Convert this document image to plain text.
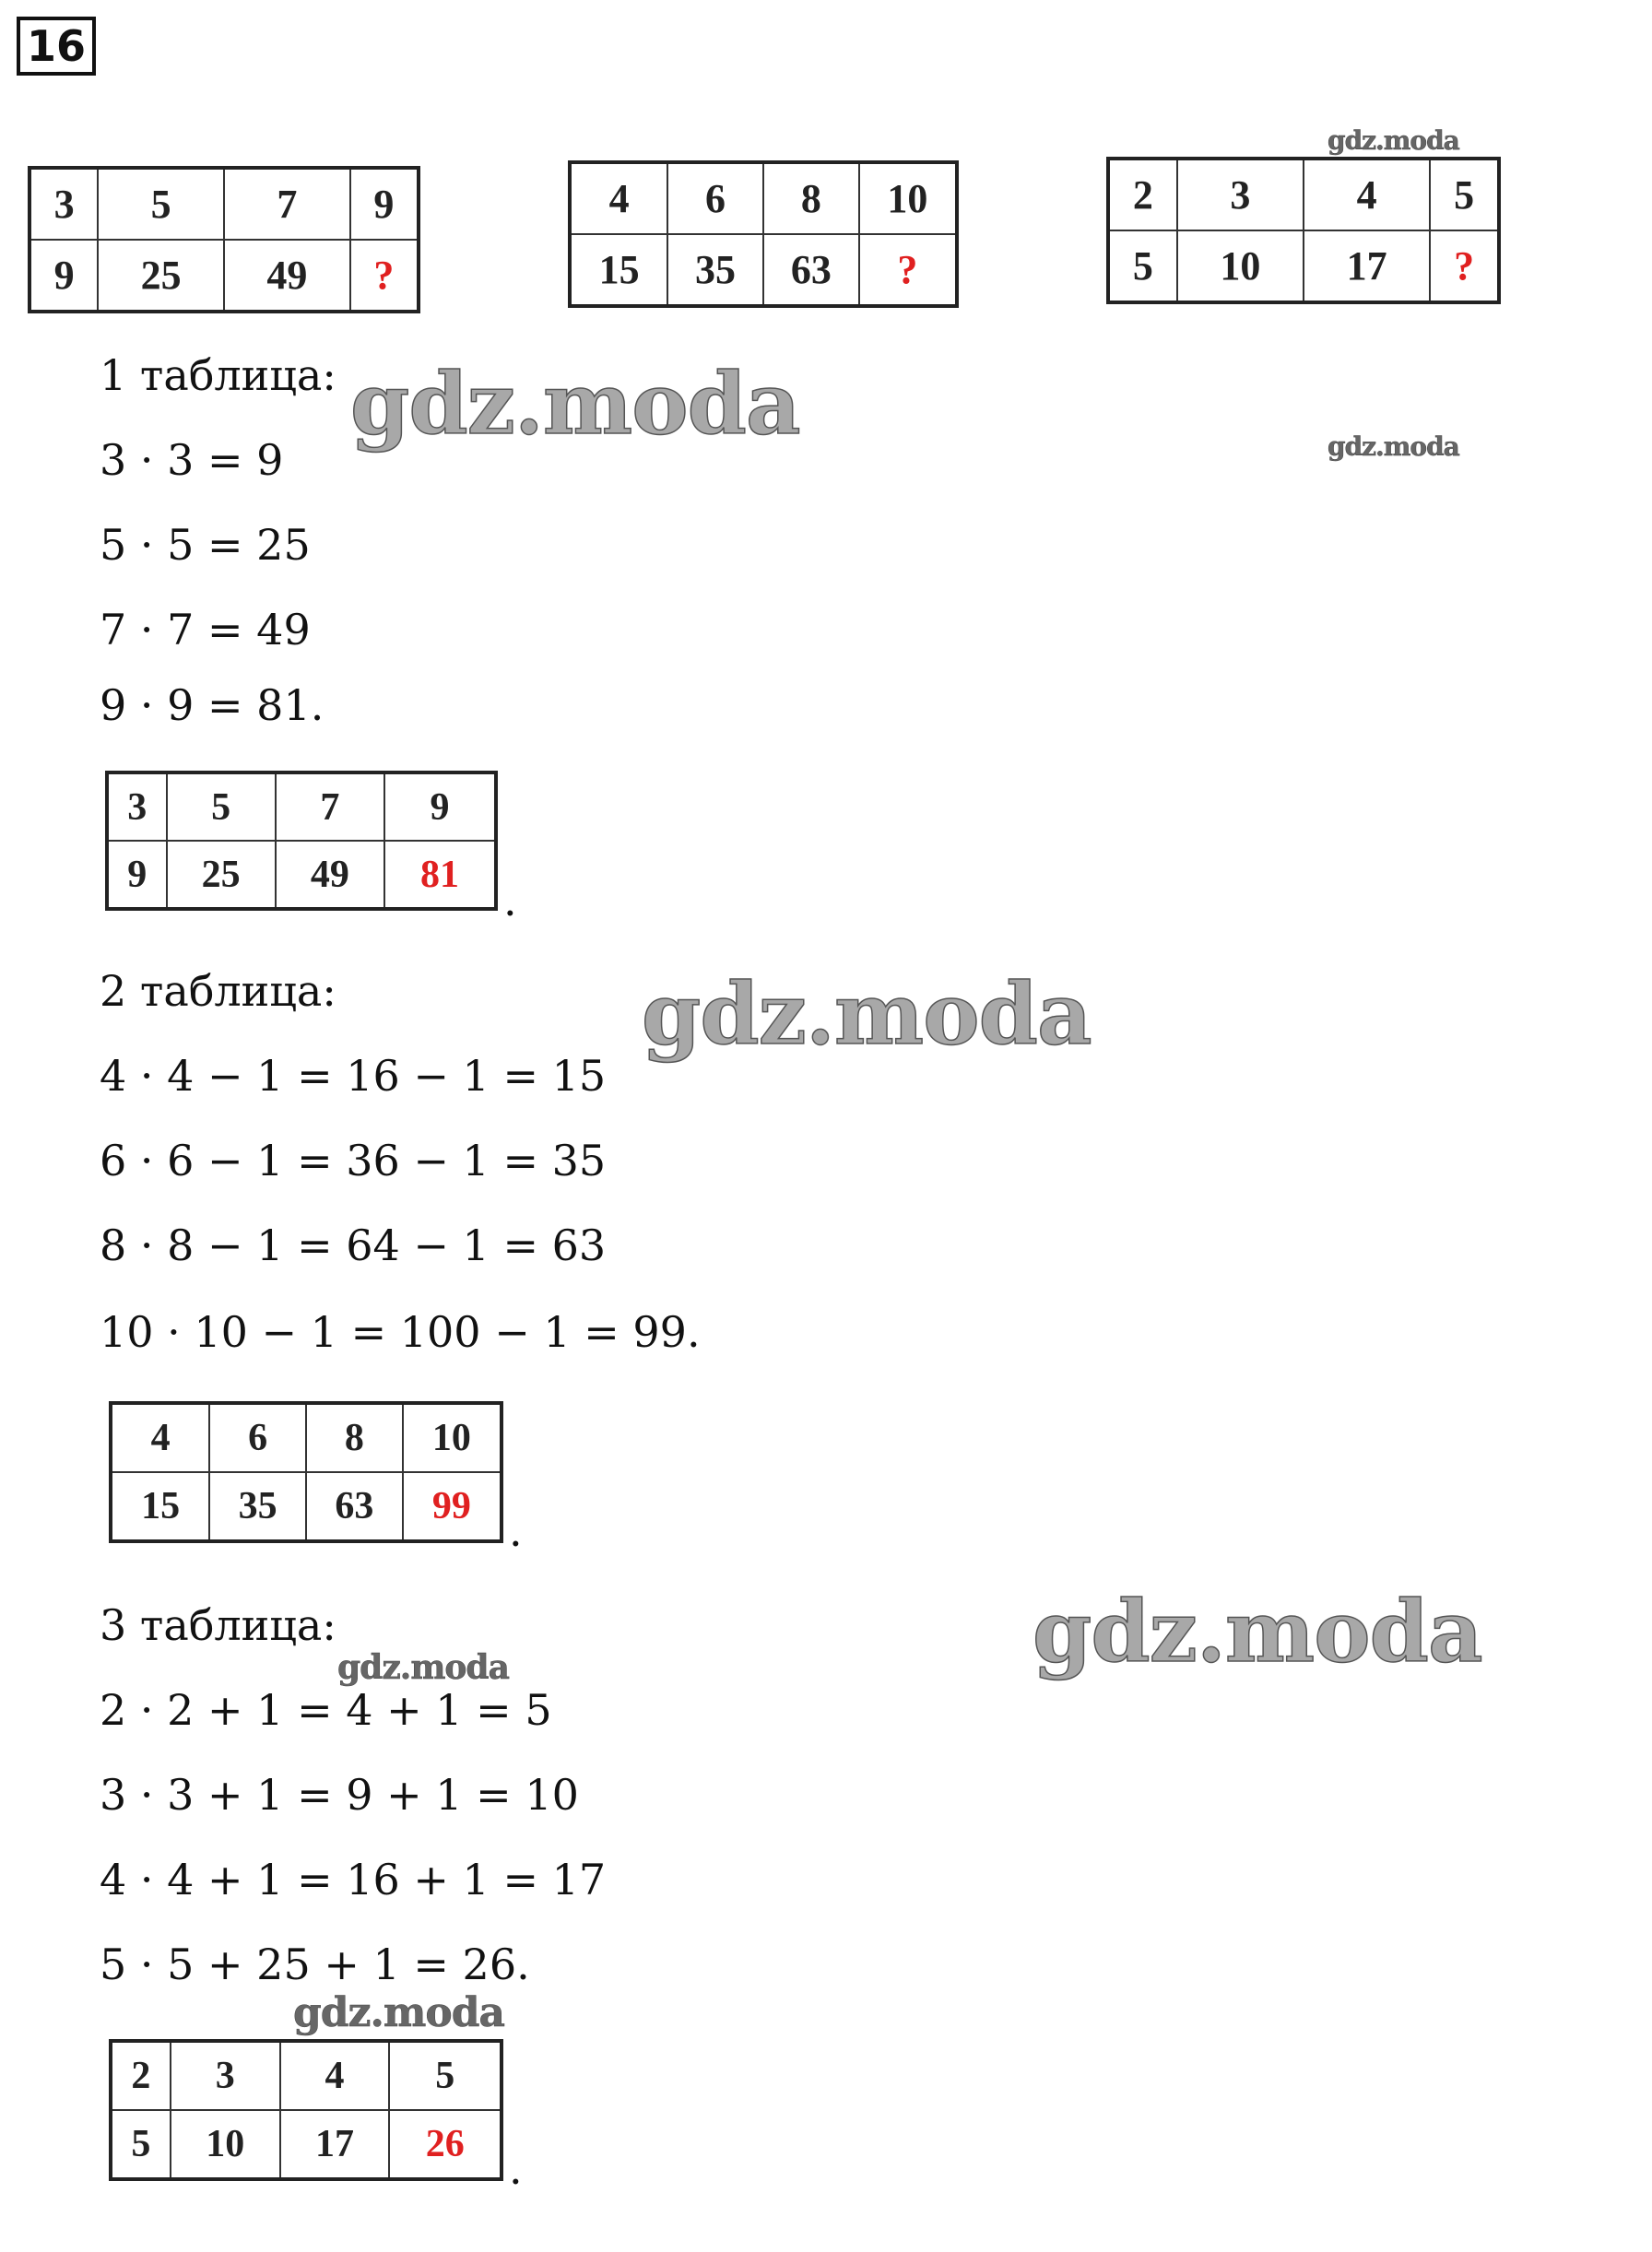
16
3	5	7	9
9	25	49	?
4	6	8	10
15	35	63	?
2	3	4	5
5	10	17	?
1 таблица:
3 · 3 = 9
5 · 5 = 25
7 · 7 = 49
9 · 9 = 81.
3	5	7	9
9	25	49	81
.
2 таблица:
4 · 4 − 1 = 16 − 1 = 15
6 · 6 − 1 = 36 − 1 = 35
8 · 8 − 1 = 64 − 1 = 63
10 · 10 − 1 = 100 − 1 = 99.
4	6	8	10
15	35	63	99 .
3 таблица:
2 · 2 + 1 = 4 + 1 = 5
3 · 3 + 1 = 9 + 1 = 10
4 · 4 + 1 = 16 + 1 = 17
5 · 5 + 25 + 1 = 26.
2	3	4	5
5	10	17	26 .
gdz.moda
gdz.moda	gdz.moda
gdz.moda
gdz.moda
gdz.moda
gdz.moda
